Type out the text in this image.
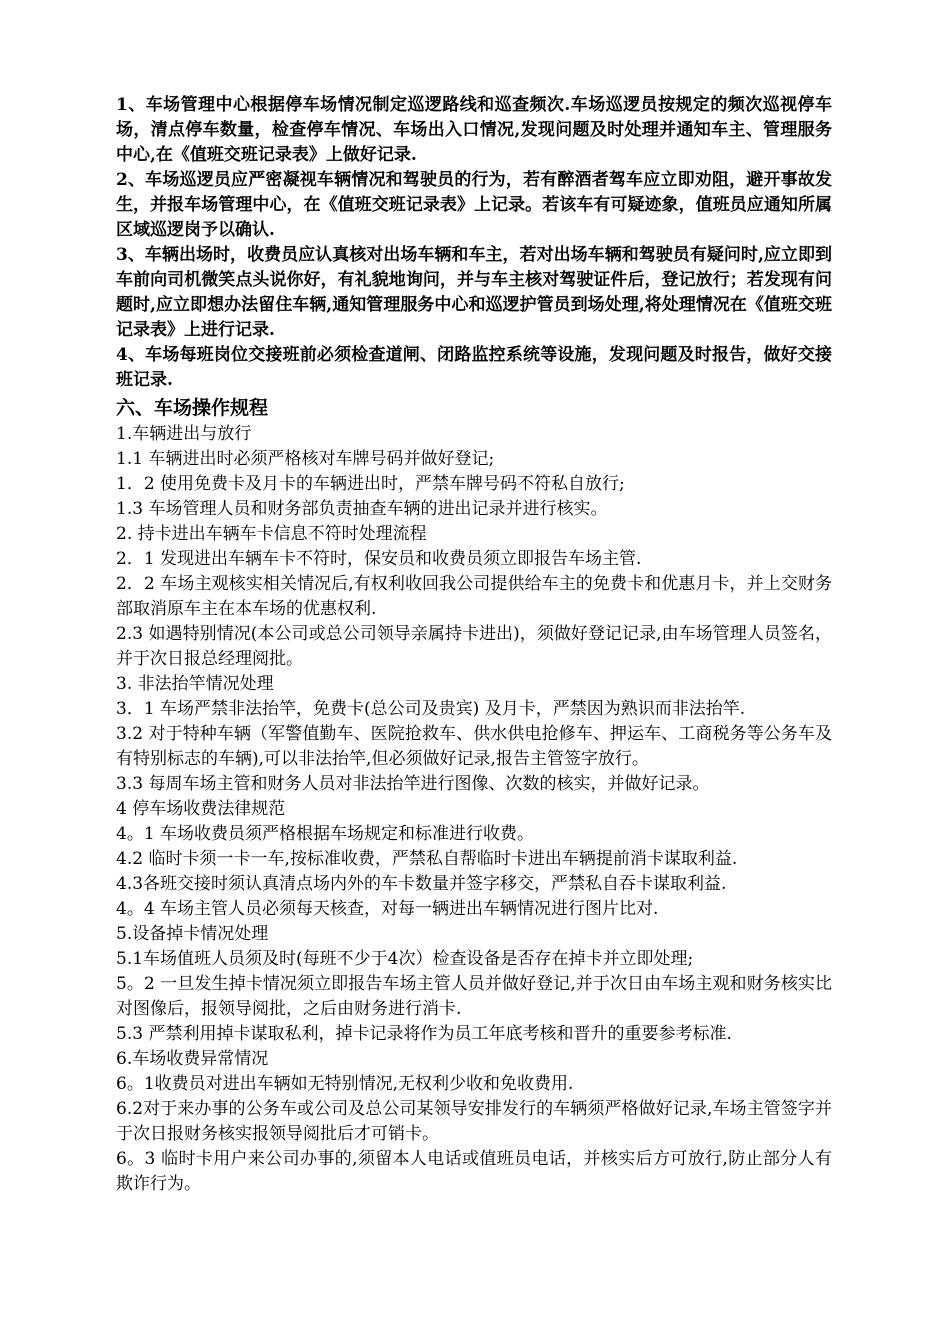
1、车场管理中心根据停车场情况制定巡逻路线和巡查频次.车场巡逻员按规定的频次巡视停车场，清点停车数量，检查停车情况、车场出入口情况,发现问题及时处理并通知车主、管理服务中心,在《值班交班记录表》上做好记录.

2、车场巡逻员应严密凝视车辆情况和驾驶员的行为，若有醉酒者驾车应立即劝阻，避开事故发生，并报车场管理中心，在《值班交班记录表》上记录。若该车有可疑迹象，值班员应通知所属区域巡逻岗予以确认.

3、车辆出场时，收费员应认真核对出场车辆和车主，若对出场车辆和驾驶员有疑问时,应立即到车前向司机微笑点头说你好，有礼貌地询问，并与车主核对驾驶证件后，登记放行；若发现有问题时,应立即想办法留住车辆,通知管理服务中心和巡逻护管员到场处理,将处理情况在《值班交班记录表》上进行记录.

4、车场每班岗位交接班前必须检查道闸、闭路监控系统等设施，发现问题及时报告，做好交接班记录.

六、车场操作规程

1.车辆进出与放行

1.1 车辆进出时必须严格核对车牌号码并做好登记;

1．2 使用免费卡及月卡的车辆进出时，严禁车牌号码不符私自放行;

1.3 车场管理人员和财务部负责抽查车辆的进出记录并进行核实。

2. 持卡进出车辆车卡信息不符时处理流程

2．1 发现进出车辆车卡不符时，保安员和收费员须立即报告车场主管.

2．2 车场主观核实相关情况后,有权利收回我公司提供给车主的免费卡和优惠月卡，并上交财务部取消原车主在本车场的优惠权利.

2.3 如遇特别情况(本公司或总公司领导亲属持卡进出)，须做好登记记录,由车场管理人员签名，并于次日报总经理阅批。

3. 非法抬竿情况处理

3．1 车场严禁非法抬竿，免费卡(总公司及贵宾) 及月卡，严禁因为熟识而非法抬竿.

3.2 对于特种车辆（军警值勤车、医院抢救车、供水供电抢修车、押运车、工商税务等公务车及有特别标志的车辆),可以非法抬竿,但必须做好记录,报告主管签字放行。

3.3 每周车场主管和财务人员对非法抬竿进行图像、次数的核实，并做好记录。

4 停车场收费法律规范

4。1 车场收费员须严格根据车场规定和标准进行收费。

4.2 临时卡须一卡一车,按标准收费，严禁私自帮临时卡进出车辆提前消卡谋取利益.

4.3各班交接时须认真清点场内外的车卡数量并签字移交，严禁私自吞卡谋取利益.

4。4 车场主管人员必须每天核查，对每一辆进出车辆情况进行图片比对.

5.设备掉卡情况处理

5.1车场值班人员须及时(每班不少于4次）检查设备是否存在掉卡并立即处理;

5。2 一旦发生掉卡情况须立即报告车场主管人员并做好登记,并于次日由车场主观和财务核实比对图像后，报领导阅批，之后由财务进行消卡.

5.3 严禁利用掉卡谋取私利，掉卡记录将作为员工年底考核和晋升的重要参考标准.

6.车场收费异常情况

6。1收费员对进出车辆如无特别情况,无权利少收和免收费用.

6.2对于来办事的公务车或公司及总公司某领导安排发行的车辆须严格做好记录,车场主管签字并于次日报财务核实报领导阅批后才可销卡。

6。3 临时卡用户来公司办事的,须留本人电话或值班员电话，并核实后方可放行,防止部分人有欺诈行为。
